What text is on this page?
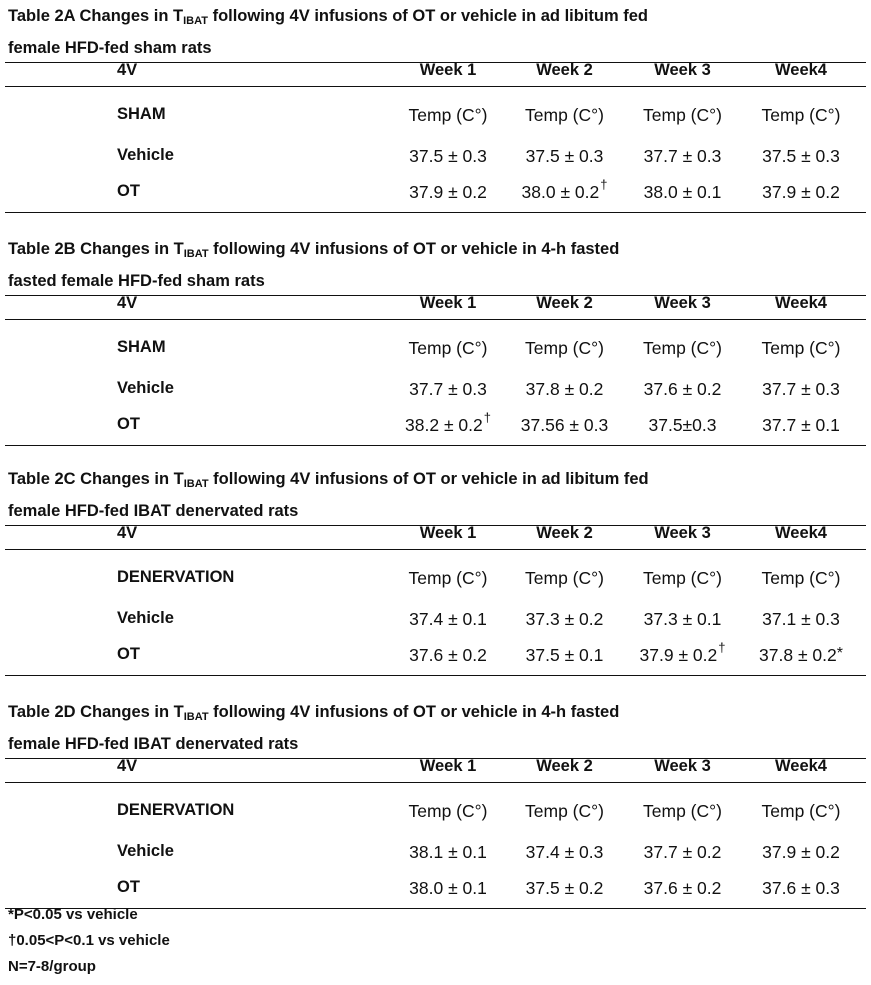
Table 2A Changes in $T_{IBAT}$ following 4V infusions of OT or vehicle in ad libitum fed
female HFD-fed sham rats
4V	Week 1	Week 2	Week 3	Week4
SHAM	Temp (C°)	Temp (C°)	Temp (C°)	Temp (C°)
Vehicle	37.5 ± 0.3	37.5 ± 0.3	37.7 ± 0.3	37.5 ± 0.3
OT	37.9 ± 0.2	38.0 ± 0.2†	38.0 ± 0.1	37.9 ± 0.2
Table 2B Changes in $T_{IBAT}$ following 4V infusions of OT or vehicle in 4-h fasted
fasted female HFD-fed sham rats
4V	Week 1	Week 2	Week 3	Week4
SHAM	Temp (C°)	Temp (C°)	Temp (C°)	Temp (C°)
Vehicle	37.7 ± 0.3	37.8 ± 0.2	37.6 ± 0.2	37.7 ± 0.3
OT	38.2 ± 0.2†	37.56 ± 0.3	37.5±0.3	37.7 ± 0.1
Table 2C Changes in $T_{IBAT}$ following 4V infusions of OT or vehicle in ad libitum fed
female HFD-fed IBAT denervated rats
4V	Week 1	Week 2	Week 3	Week4
DENERVATION	Temp (C°)	Temp (C°)	Temp (C°)	Temp (C°)
Vehicle	37.4 ± 0.1	37.3 ± 0.2	37.3 ± 0.1	37.1 ± 0.3
OT	37.6 ± 0.2	37.5 ± 0.1	37.9 ± 0.2†	37.8 ± 0.2*
Table 2D Changes in $T_{IBAT}$ following 4V infusions of OT or vehicle in 4-h fasted
female HFD-fed IBAT denervated rats
4V	Week 1	Week 2	Week 3	Week4
DENERVATION	Temp (C°)	Temp (C°)	Temp (C°)	Temp (C°)
Vehicle	38.1 ± 0.1	37.4 ± 0.3	37.7 ± 0.2	37.9 ± 0.2
OT	38.0 ± 0.1	37.5 ± 0.2	37.6 ± 0.2	37.6 ± 0.3
*P<0.05 vs vehicle
†0.05<P<0.1 vs vehicle
N=7-8/group
